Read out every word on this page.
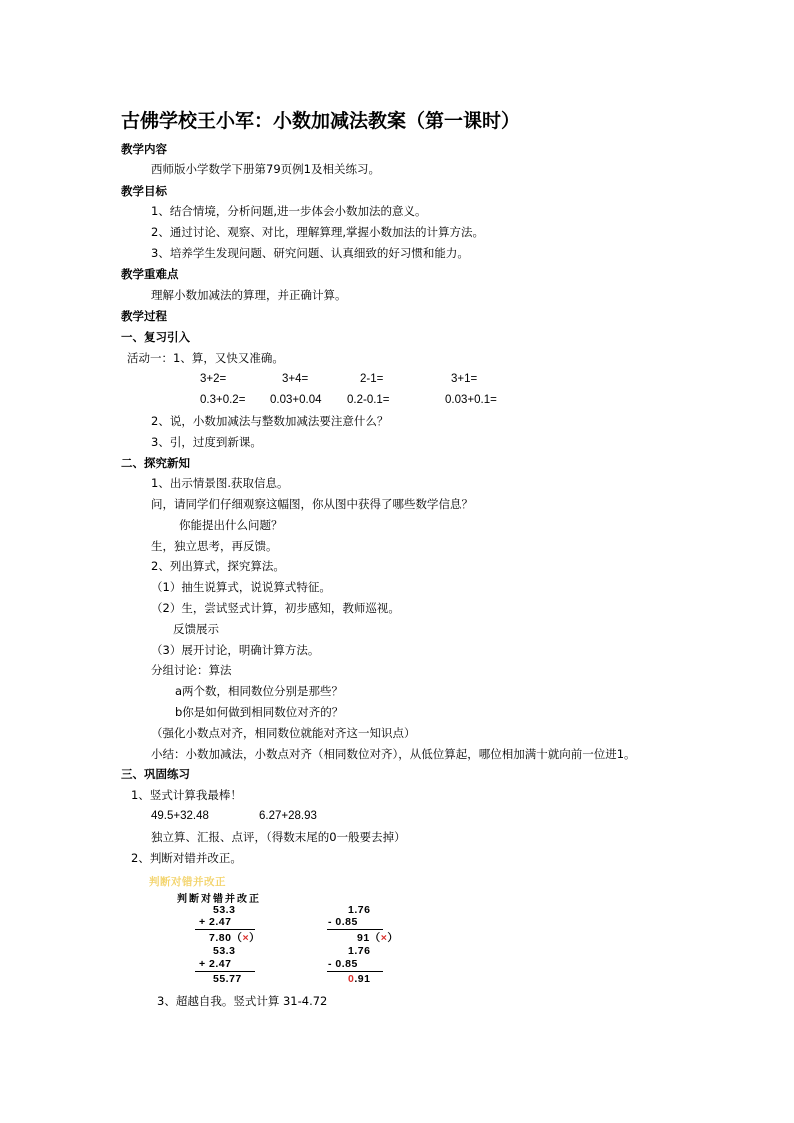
古佛学校王小军：小数加减法教案（第一课时）
教学内容
西师版小学数学下册第79页例1及相关练习。
教学目标
1、结合情境，分析问题,进一步体会小数加法的意义。
2、通过讨论、观察、对比，理解算理,掌握小数加法的计算方法。
3、培养学生发现问题、研究问题、认真细致的好习惯和能力。
教学重难点
理解小数加减法的算理，并正确计算。
教学过程
一、复习引入
活动一：1、算，又快又准确。
3+2=	3+4=	2-1=	3+1=
0.3+0.2= 0.03+0.04 0.2-0.1=	0.03+0.1=
2、说，小数加减法与整数加减法要注意什么？
3、引，过度到新课。
二、探究新知
1、出示情景图.获取信息。
问，请同学们仔细观察这幅图，你从图中获得了哪些数学信息？
你能提出什么问题？
生，独立思考，再反馈。
2、列出算式，探究算法。
（1）抽生说算式，说说算式特征。
（2）生，尝试竖式计算，初步感知，教师巡视。
反馈展示
（3）展开讨论，明确计算方法。
分组讨论：算法
a两个数，相同数位分别是那些？
b你是如何做到相同数位对齐的？
（强化小数点对齐，相同数位就能对齐这一知识点）
小结：小数加减法，小数点对齐（相同数位对齐），从低位算起，哪位相加满十就向前一位进1。
三、巩固练习
1、竖式计算我最棒！
49.5+32.48	6.27+28.93
独立算、汇报、点评，（得数末尾的0一般要去掉）
2、判断对错并改正。
判断对错并改正
判断对错并改正
53.3
+ 2.47
7.80（×）
53.3
+ 2.47
55.77
1.76
- 0.85
91（×）
1.76
- 0.85
0.91
3、超越自我。竖式计算 31-4.72
